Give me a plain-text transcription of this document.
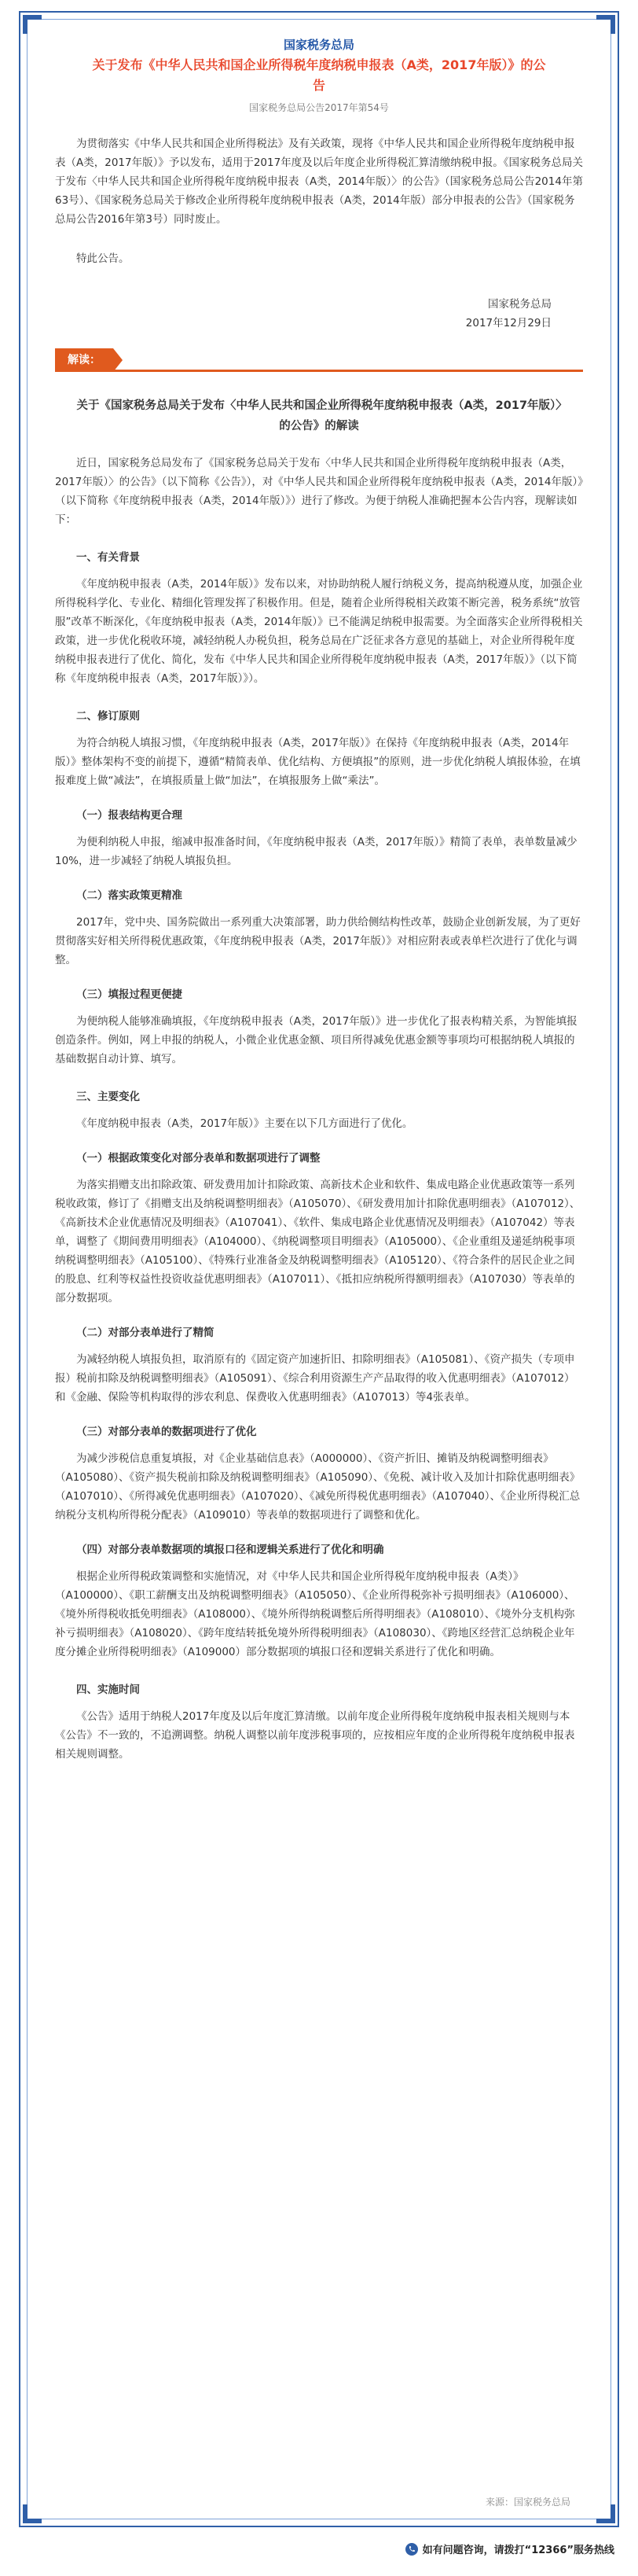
国家税务总局
关于发布《中华人民共和国企业所得税年度纳税申报表（A类，2017年版）》的公告
国家税务总局公告2017年第54号

为贯彻落实《中华人民共和国企业所得税法》及有关政策，现将《中华人民共和国企业所得税年度纳税申报表（A类，2017年版）》予以发布，适用于2017年度及以后年度企业所得税汇算清缴纳税申报。《国家税务总局关于发布〈中华人民共和国企业所得税年度纳税申报表（A类，2014年版）〉的公告》（国家税务总局公告2014年第63号）、《国家税务总局关于修改企业所得税年度纳税申报表（A类，2014年版）部分申报表的公告》（国家税务总局公告2016年第3号）同时废止。

特此公告。

国家税务总局
2017年12月29日
解读：
关于《国家税务总局关于发布〈中华人民共和国企业所得税年度纳税申报表（A类，2017年版）〉的公告》的解读

近日，国家税务总局发布了《国家税务总局关于发布〈中华人民共和国企业所得税年度纳税申报表（A类，2017年版）〉的公告》（以下简称《公告》），对《中华人民共和国企业所得税年度纳税申报表（A类，2014年版）》（以下简称《年度纳税申报表（A类，2014年版）》）进行了修改。为便于纳税人准确把握本公告内容，现解读如下：

一、有关背景

《年度纳税申报表（A类，2014年版）》发布以来，对协助纳税人履行纳税义务，提高纳税遵从度，加强企业所得税科学化、专业化、精细化管理发挥了积极作用。但是，随着企业所得税相关政策不断完善，税务系统“放管服”改革不断深化，《年度纳税申报表（A类，2014年版）》已不能满足纳税申报需要。为全面落实企业所得税相关政策，进一步优化税收环境，减轻纳税人办税负担，税务总局在广泛征求各方意见的基础上，对企业所得税年度纳税申报表进行了优化、简化，发布《中华人民共和国企业所得税年度纳税申报表（A类，2017年版）》（以下简称《年度纳税申报表（A类，2017年版）》）。

二、修订原则

为符合纳税人填报习惯，《年度纳税申报表（A类，2017年版）》在保持《年度纳税申报表（A类，2014年版）》整体架构不变的前提下，遵循“精简表单、优化结构、方便填报”的原则，进一步优化纳税人填报体验，在填报难度上做“减法”，在填报质量上做“加法”，在填报服务上做“乘法”。

（一）报表结构更合理

为便利纳税人申报，缩减申报准备时间，《年度纳税申报表（A类，2017年版）》精简了表单，表单数量减少10%，进一步减轻了纳税人填报负担。

（二）落实政策更精准

2017年，党中央、国务院做出一系列重大决策部署，助力供给侧结构性改革，鼓励企业创新发展，为了更好贯彻落实好相关所得税优惠政策，《年度纳税申报表（A类，2017年版）》对相应附表或表单栏次进行了优化与调整。

（三）填报过程更便捷

为便纳税人能够准确填报，《年度纳税申报表（A类，2017年版）》进一步优化了报表构精关系，为智能填报创造条件。例如，网上申报的纳税人，小微企业优惠金额、项目所得减免优惠金额等事项均可根据纳税人填报的基础数据自动计算、填写。

三、主要变化

《年度纳税申报表（A类，2017年版）》主要在以下几方面进行了优化。

（一）根据政策变化对部分表单和数据项进行了调整

为落实捐赠支出扣除政策、研发费用加计扣除政策、高新技术企业和软件、集成电路企业优惠政策等一系列税收政策，修订了《捐赠支出及纳税调整明细表》（A105070）、《研发费用加计扣除优惠明细表》（A107012）、《高新技术企业优惠情况及明细表》（A107041）、《软件、集成电路企业优惠情况及明细表》（A107042）等表单，调整了《期间费用明细表》（A104000）、《纳税调整项目明细表》（A105000）、《企业重组及递延纳税事项纳税调整明细表》（A105100）、《特殊行业准备金及纳税调整明细表》（A105120）、《符合条件的居民企业之间的股息、红利等权益性投资收益优惠明细表》（A107011）、《抵扣应纳税所得额明细表》（A107030）等表单的部分数据项。

（二）对部分表单进行了精简

为减轻纳税人填报负担，取消原有的《固定资产加速折旧、扣除明细表》（A105081）、《资产损失（专项申报）税前扣除及纳税调整明细表》（A105091）、《综合利用资源生产产品取得的收入优惠明细表》（A107012）和《金融、保险等机构取得的涉农利息、保费收入优惠明细表》（A107013）等4张表单。

（三）对部分表单的数据项进行了优化

为减少涉税信息重复填报，对《企业基础信息表》（A000000）、《资产折旧、摊销及纳税调整明细表》（A105080）、《资产损失税前扣除及纳税调整明细表》（A105090）、《免税、减计收入及加计扣除优惠明细表》（A107010）、《所得减免优惠明细表》（A107020）、《减免所得税优惠明细表》（A107040）、《企业所得税汇总纳税分支机构所得税分配表》（A109010）等表单的数据项进行了调整和优化。

（四）对部分表单数据项的填报口径和逻辑关系进行了优化和明确

根据企业所得税政策调整和实施情况，对《中华人民共和国企业所得税年度纳税申报表（A类）》（A100000）、《职工薪酬支出及纳税调整明细表》（A105050）、《企业所得税弥补亏损明细表》（A106000）、《境外所得税收抵免明细表》（A108000）、《境外所得纳税调整后所得明细表》（A108010）、《境外分支机构弥补亏损明细表》（A108020）、《跨年度结转抵免境外所得税明细表》（A108030）、《跨地区经营汇总纳税企业年度分摊企业所得税明细表》（A109000）部分数据项的填报口径和逻辑关系进行了优化和明确。

四、实施时间

《公告》适用于纳税人2017年度及以后年度汇算清缴。以前年度企业所得税年度纳税申报表相关规则与本《公告》不一致的，不追溯调整。纳税人调整以前年度涉税事项的，应按相应年度的企业所得税年度纳税申报表相关规则调整。

来源：国家税务总局
如有问题咨询，请拨打“12366”服务热线
